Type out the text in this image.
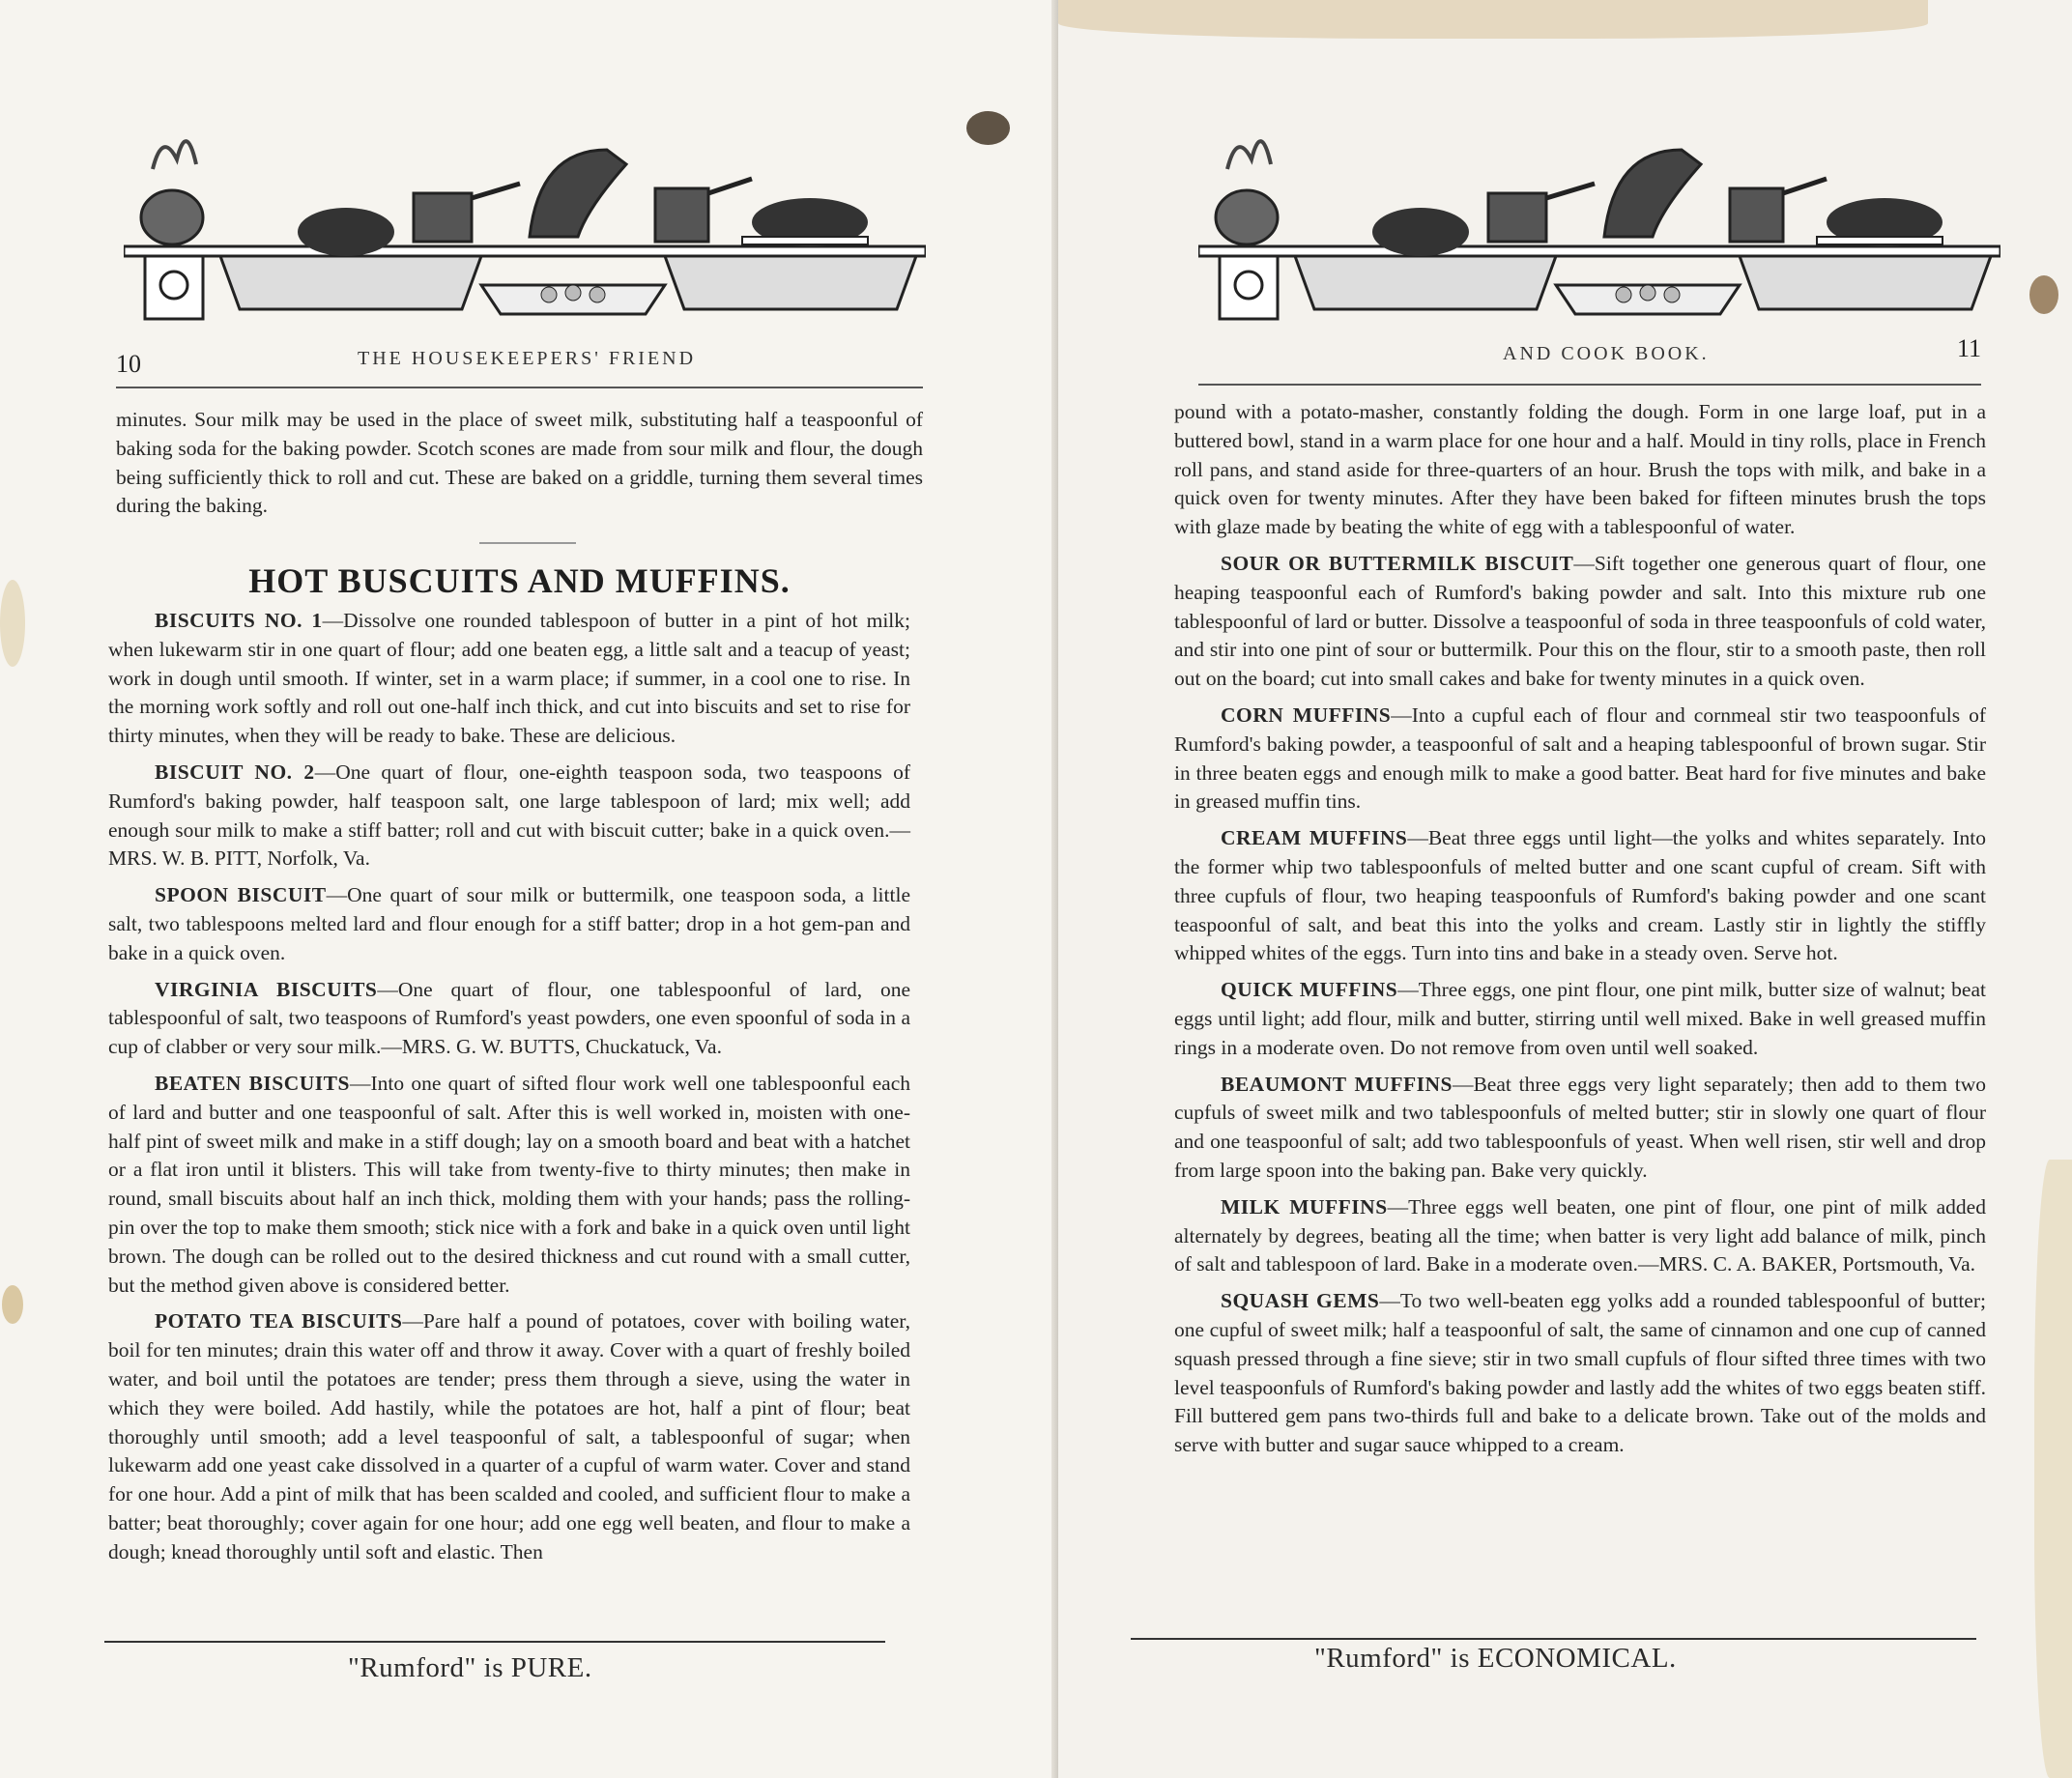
10	THE HOUSEKEEPERS' FRIEND

minutes. Sour milk may be used in the place of sweet milk, substituting half a teaspoonful of baking soda for the baking powder. Scotch scones are made from sour milk and flour, the dough being sufficiently thick to roll and cut. These are baked on a griddle, turning them several times during the baking.

HOT BUSCUITS AND MUFFINS.

BISCUITS NO. 1—Dissolve one rounded tablespoon of butter in a pint of hot milk; when lukewarm stir in one quart of flour; add one beaten egg, a little salt and a teacup of yeast; work in dough until smooth. If winter, set in a warm place; if summer, in a cool one to rise. In the morning work softly and roll out one-half inch thick, and cut into biscuits and set to rise for thirty minutes, when they will be ready to bake. These are delicious.

BISCUIT NO. 2—One quart of flour, one-eighth teaspoon soda, two teaspoons of Rumford's baking powder, half teaspoon salt, one large tablespoon of lard; mix well; add enough sour milk to make a stiff batter; roll and cut with biscuit cutter; bake in a quick oven.—MRS. W. B. PITT, Norfolk, Va.

SPOON BISCUIT—One quart of sour milk or buttermilk, one teaspoon soda, a little salt, two tablespoons melted lard and flour enough for a stiff batter; drop in a hot gem-pan and bake in a quick oven.

VIRGINIA BISCUITS—One quart of flour, one tablespoonful of lard, one tablespoonful of salt, two teaspoons of Rumford's yeast powders, one even spoonful of soda in a cup of clabber or very sour milk.—MRS. G. W. BUTTS, Chuckatuck, Va.

BEATEN BISCUITS—Into one quart of sifted flour work well one tablespoonful each of lard and butter and one teaspoonful of salt. After this is well worked in, moisten with one-half pint of sweet milk and make in a stiff dough; lay on a smooth board and beat with a hatchet or a flat iron until it blisters. This will take from twenty-five to thirty minutes; then make in round, small biscuits about half an inch thick, molding them with your hands; pass the rolling-pin over the top to make them smooth; stick nice with a fork and bake in a quick oven until light brown. The dough can be rolled out to the desired thickness and cut round with a small cutter, but the method given above is considered better.

POTATO TEA BISCUITS—Pare half a pound of potatoes, cover with boiling water, boil for ten minutes; drain this water off and throw it away. Cover with a quart of freshly boiled water, and boil until the potatoes are tender; press them through a sieve, using the water in which they were boiled. Add hastily, while the potatoes are hot, half a pint of flour; beat thoroughly until smooth; add a level teaspoonful of salt, a tablespoonful of sugar; when lukewarm add one yeast cake dissolved in a quarter of a cupful of warm water. Cover and stand for one hour. Add a pint of milk that has been scalded and cooled, and sufficient flour to make a batter; beat thoroughly; cover again for one hour; add one egg well beaten, and flour to make a dough; knead thoroughly until soft and elastic. Then

"Rumford" is PURE.
AND COOK BOOK.	11

pound with a potato-masher, constantly folding the dough. Form in one large loaf, put in a buttered bowl, stand in a warm place for one hour and a half. Mould in tiny rolls, place in French roll pans, and stand aside for three-quarters of an hour. Brush the tops with milk, and bake in a quick oven for twenty minutes. After they have been baked for fifteen minutes brush the tops with glaze made by beating the white of egg with a tablespoonful of water.

SOUR OR BUTTERMILK BISCUIT—Sift together one generous quart of flour, one heaping teaspoonful each of Rumford's baking powder and salt. Into this mixture rub one tablespoonful of lard or butter. Dissolve a teaspoonful of soda in three teaspoonfuls of cold water, and stir into one pint of sour or buttermilk. Pour this on the flour, stir to a smooth paste, then roll out on the board; cut into small cakes and bake for twenty minutes in a quick oven.

CORN MUFFINS—Into a cupful each of flour and cornmeal stir two teaspoonfuls of Rumford's baking powder, a teaspoonful of salt and a heaping tablespoonful of brown sugar. Stir in three beaten eggs and enough milk to make a good batter. Beat hard for five minutes and bake in greased muffin tins.

CREAM MUFFINS—Beat three eggs until light—the yolks and whites separately. Into the former whip two tablespoonfuls of melted butter and one scant cupful of cream. Sift with three cupfuls of flour, two heaping teaspoonfuls of Rumford's baking powder and one scant teaspoonful of salt, and beat this into the yolks and cream. Lastly stir in lightly the stiffly whipped whites of the eggs. Turn into tins and bake in a steady oven. Serve hot.

QUICK MUFFINS—Three eggs, one pint flour, one pint milk, butter size of walnut; beat eggs until light; add flour, milk and butter, stirring until well mixed. Bake in well greased muffin rings in a moderate oven. Do not remove from oven until well soaked.

BEAUMONT MUFFINS—Beat three eggs very light separately; then add to them two cupfuls of sweet milk and two tablespoonfuls of melted butter; stir in slowly one quart of flour and one teaspoonful of salt; add two tablespoonfuls of yeast. When well risen, stir well and drop from large spoon into the baking pan. Bake very quickly.

MILK MUFFINS—Three eggs well beaten, one pint of flour, one pint of milk added alternately by degrees, beating all the time; when batter is very light add balance of milk, pinch of salt and tablespoon of lard. Bake in a moderate oven.—MRS. C. A. BAKER, Portsmouth, Va.

SQUASH GEMS—To two well-beaten egg yolks add a rounded tablespoonful of butter; one cupful of sweet milk; half a teaspoonful of salt, the same of cinnamon and one cup of canned squash pressed through a fine sieve; stir in two small cupfuls of flour sifted three times with two level teaspoonfuls of Rumford's baking powder and lastly add the whites of two eggs beaten stiff. Fill buttered gem pans two-thirds full and bake to a delicate brown. Take out of the molds and serve with butter and sugar sauce whipped to a cream.

"Rumford" is ECONOMICAL.
